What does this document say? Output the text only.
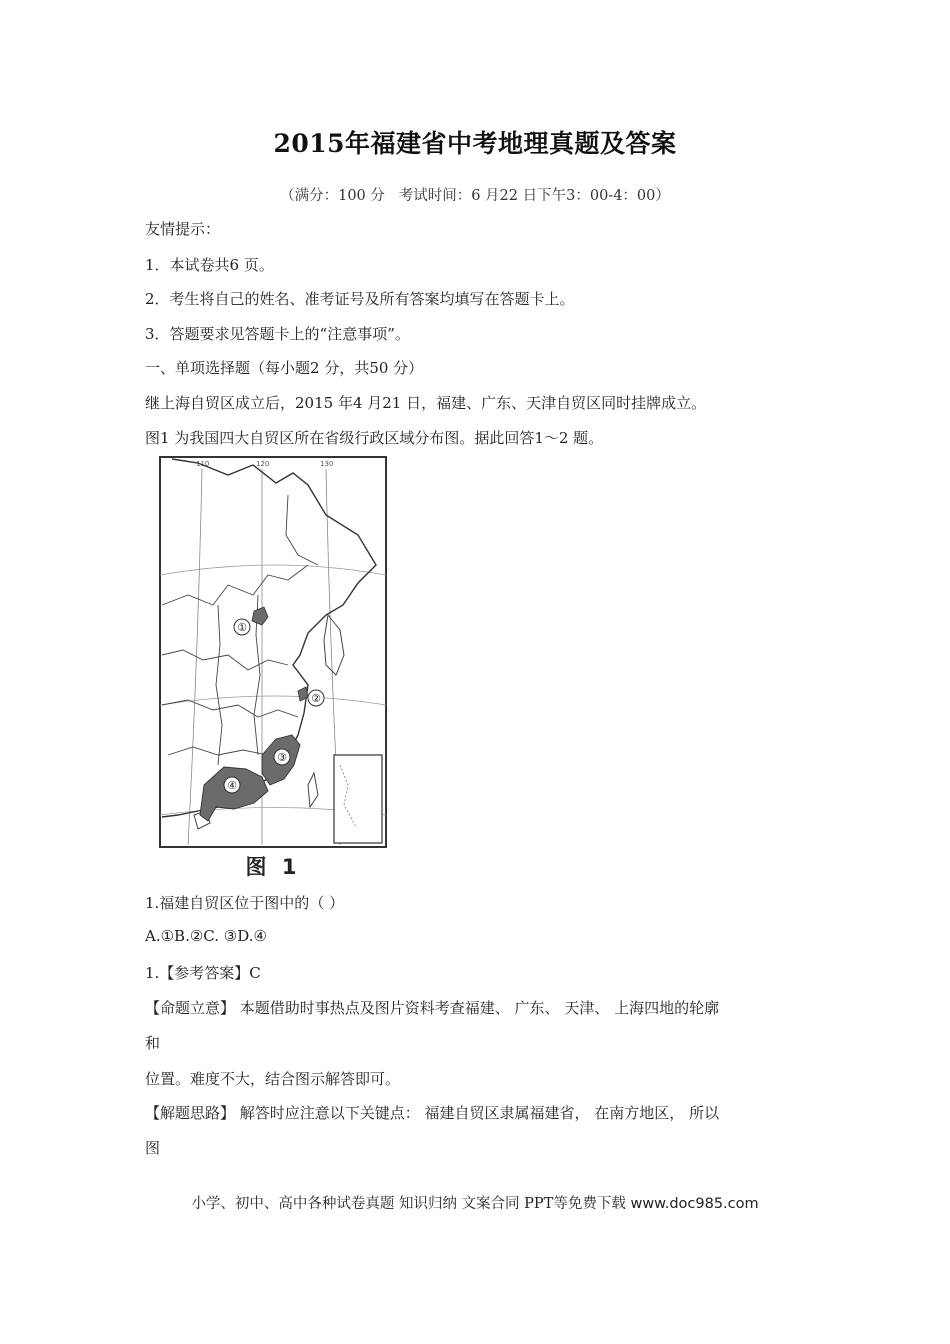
2015年福建省中考地理真题及答案
（满分：100 分   考试时间：6 月22 日下午3：00-4：00）
友情提示：
1．本试卷共6 页。
2．考生将自己的姓名、准考证号及所有答案均填写在答题卡上。
3．答题要求见答题卡上的“注意事项”。
一、单项选择题（每小题2 分，共50 分）
继上海自贸区成立后，2015 年4 月21 日，福建、广东、天津自贸区同时挂牌成立。
图1 为我国四大自贸区所在省级行政区域分布图。据此回答1～2 题。
110	120	130
①
②
③
④
图 1
1.福建自贸区位于图中的（ ）
A.①B.②C. ③D.④
1.【参考答案】C
【命题立意】 本题借助时事热点及图片资料考查福建、 广东、 天津、 上海四地的轮廓
和
位置。难度不大，结合图示解答即可。
【解题思路】 解答时应注意以下关键点： 福建自贸区隶属福建省， 在南方地区， 所以
图
小学、初中、高中各种试卷真题 知识归纳 文案合同 PPT等免费下载 www.doc985.com
